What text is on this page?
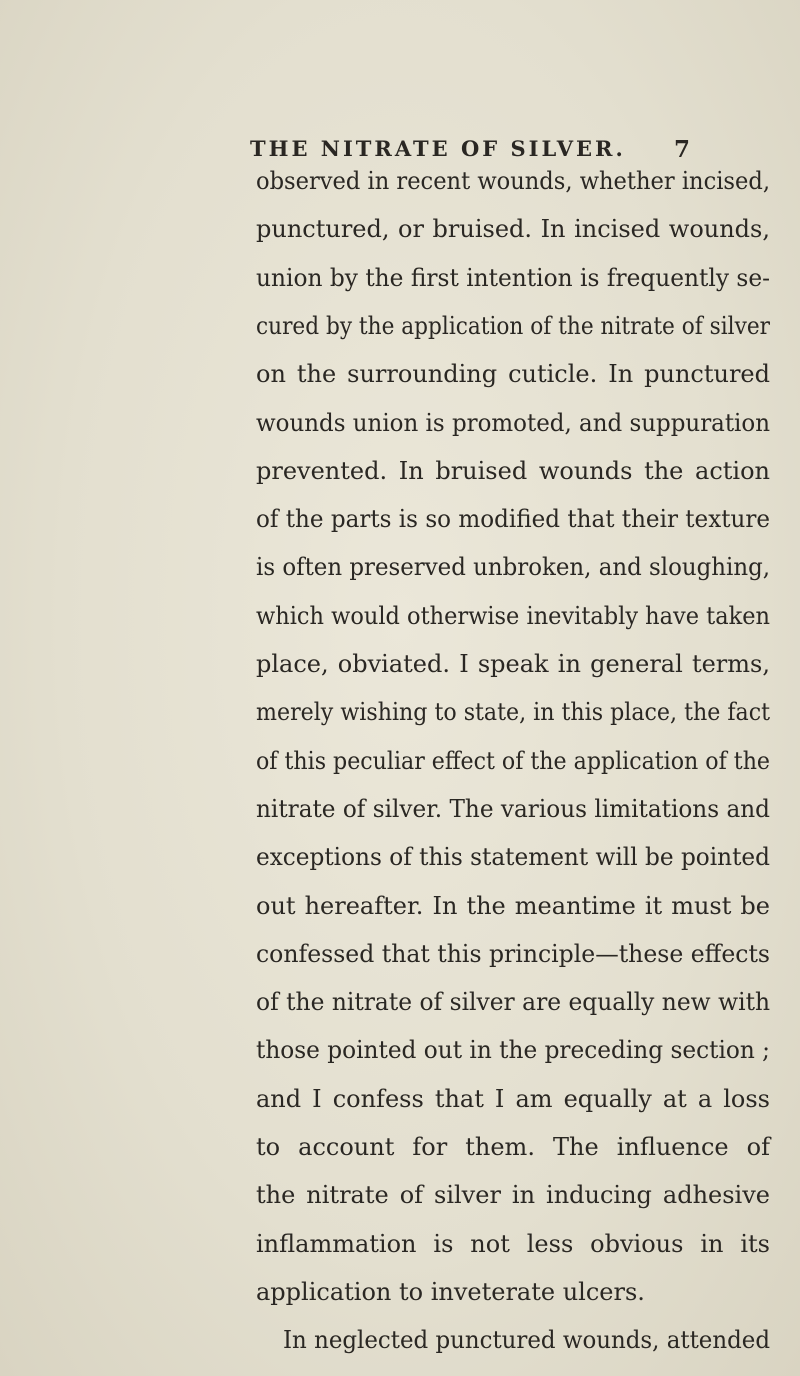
THE NITRATE OF SILVER. 7
observed in recent wounds, whether incised,
punctured, or bruised. In incised wounds,
union by the first intention is frequently se-
cured by the application of the nitrate of silver
on the surrounding cuticle. In punctured
wounds union is promoted, and suppuration
prevented. In bruised wounds the action
of the parts is so modified that their texture
is often preserved unbroken, and sloughing,
which would otherwise inevitably have taken
place, obviated. I speak in general terms,
merely wishing to state, in this place, the fact
of this peculiar effect of the application of the
nitrate of silver. The various limitations and
exceptions of this statement will be pointed
out hereafter. In the meantime it must be
confessed that this principle—these effects
of the nitrate of silver are equally new with
those pointed out in the preceding section ;
and I confess that I am equally at a loss
to account for them. The influence of
the nitrate of silver in inducing adhesive
inflammation is not less obvious in its
application to inveterate ulcers.
In neglected punctured wounds, attended
